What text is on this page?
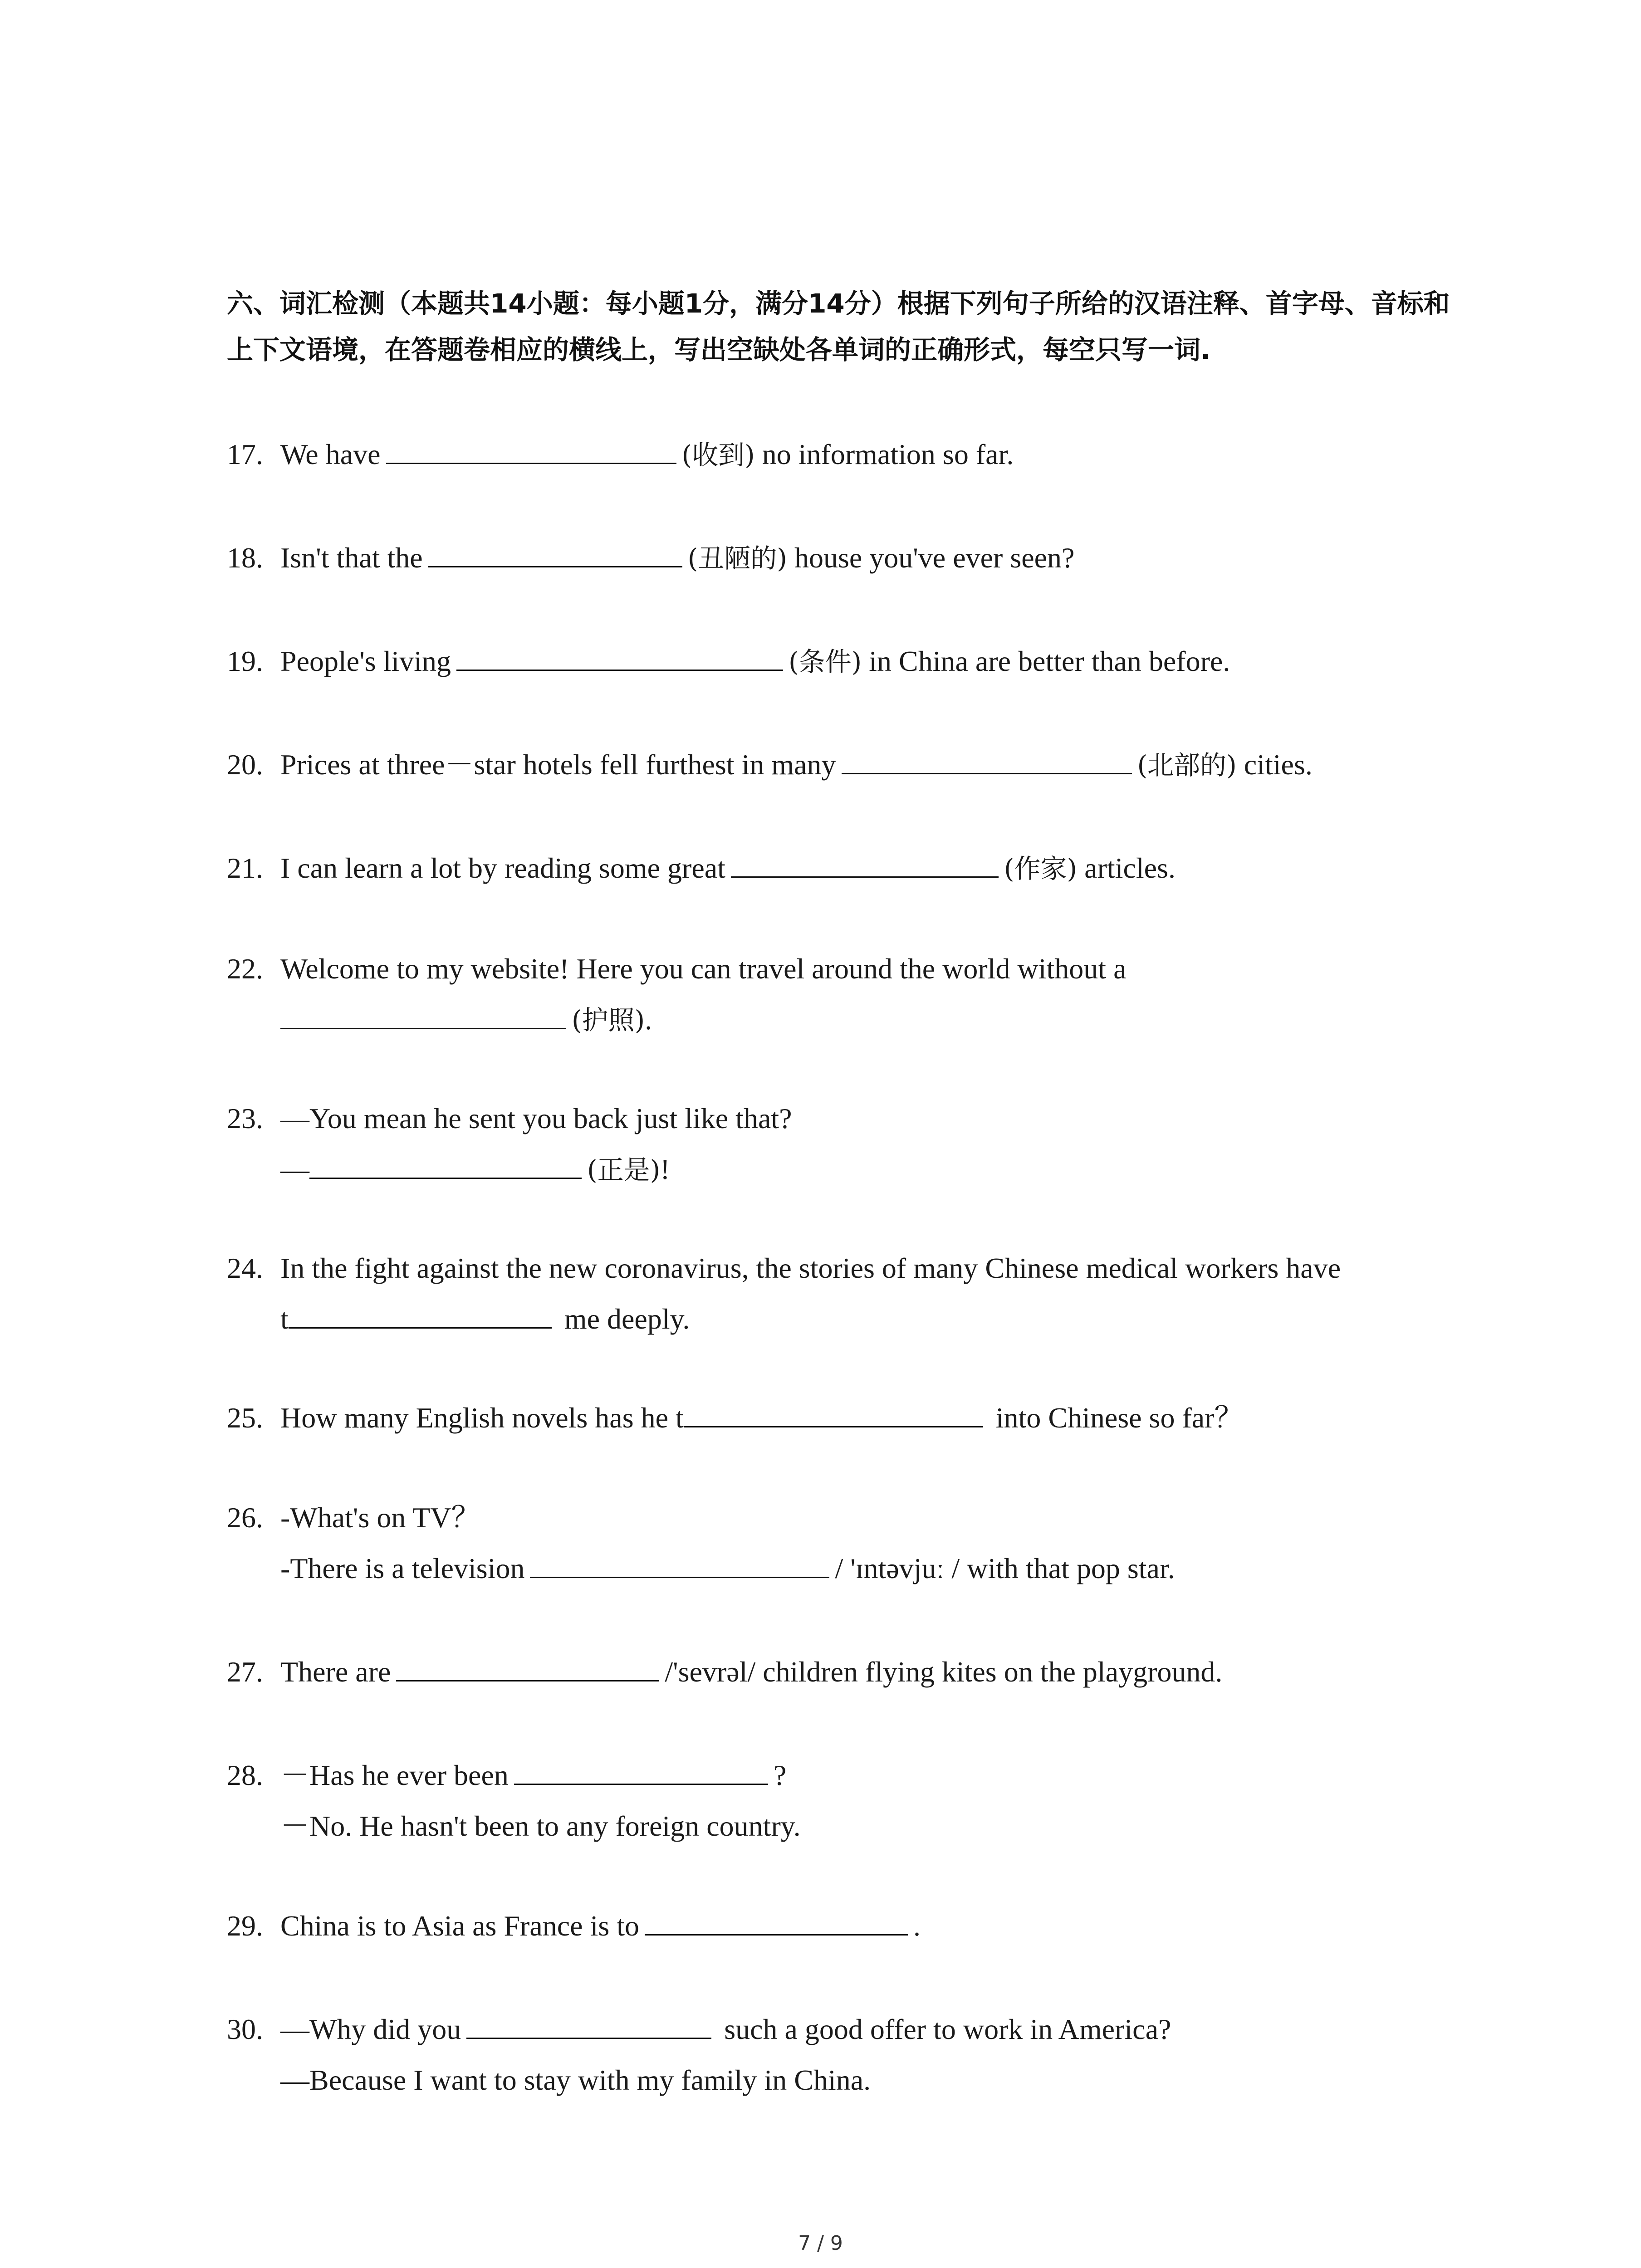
六、词汇检测（本题共14小题：每小题1分，满分14分）根据下列句子所给的汉语注释、首字母、音标和上下文语境，在答题卷相应的横线上，写出空缺处各单词的正确形式，每空只写一词.
17. We have	(收到) no information so far.
18. Isn't that the	(丑陋的) house you've ever seen?
19. People's living	(条件) in China are better than before.
20. Prices at three－star hotels fell furthest in many	(北部的) cities.
21. I can learn a lot by reading some great	(作家) articles.
22. Welcome to my website! Here you can travel around the world without a
(护照).
23. —You mean he sent you back just like that?
—	(正是)!
24. In the fight against the new coronavirus, the stories of many Chinese medical workers have
t	me deeply.
25. How many English novels has he t	into Chinese so far？
26. -What's on TV？
-There is a television	/ 'ɪntəvjuː / with that pop star.
27. There are	/'sevrəl/ children flying kites on the playground.
28. －Has he ever been	?
－No. He hasn't been to any foreign country.
29. China is to Asia as France is to	.
30. —Why did you	such a good offer to work in America?
—Because I want to stay with my family in China.
7 / 9
